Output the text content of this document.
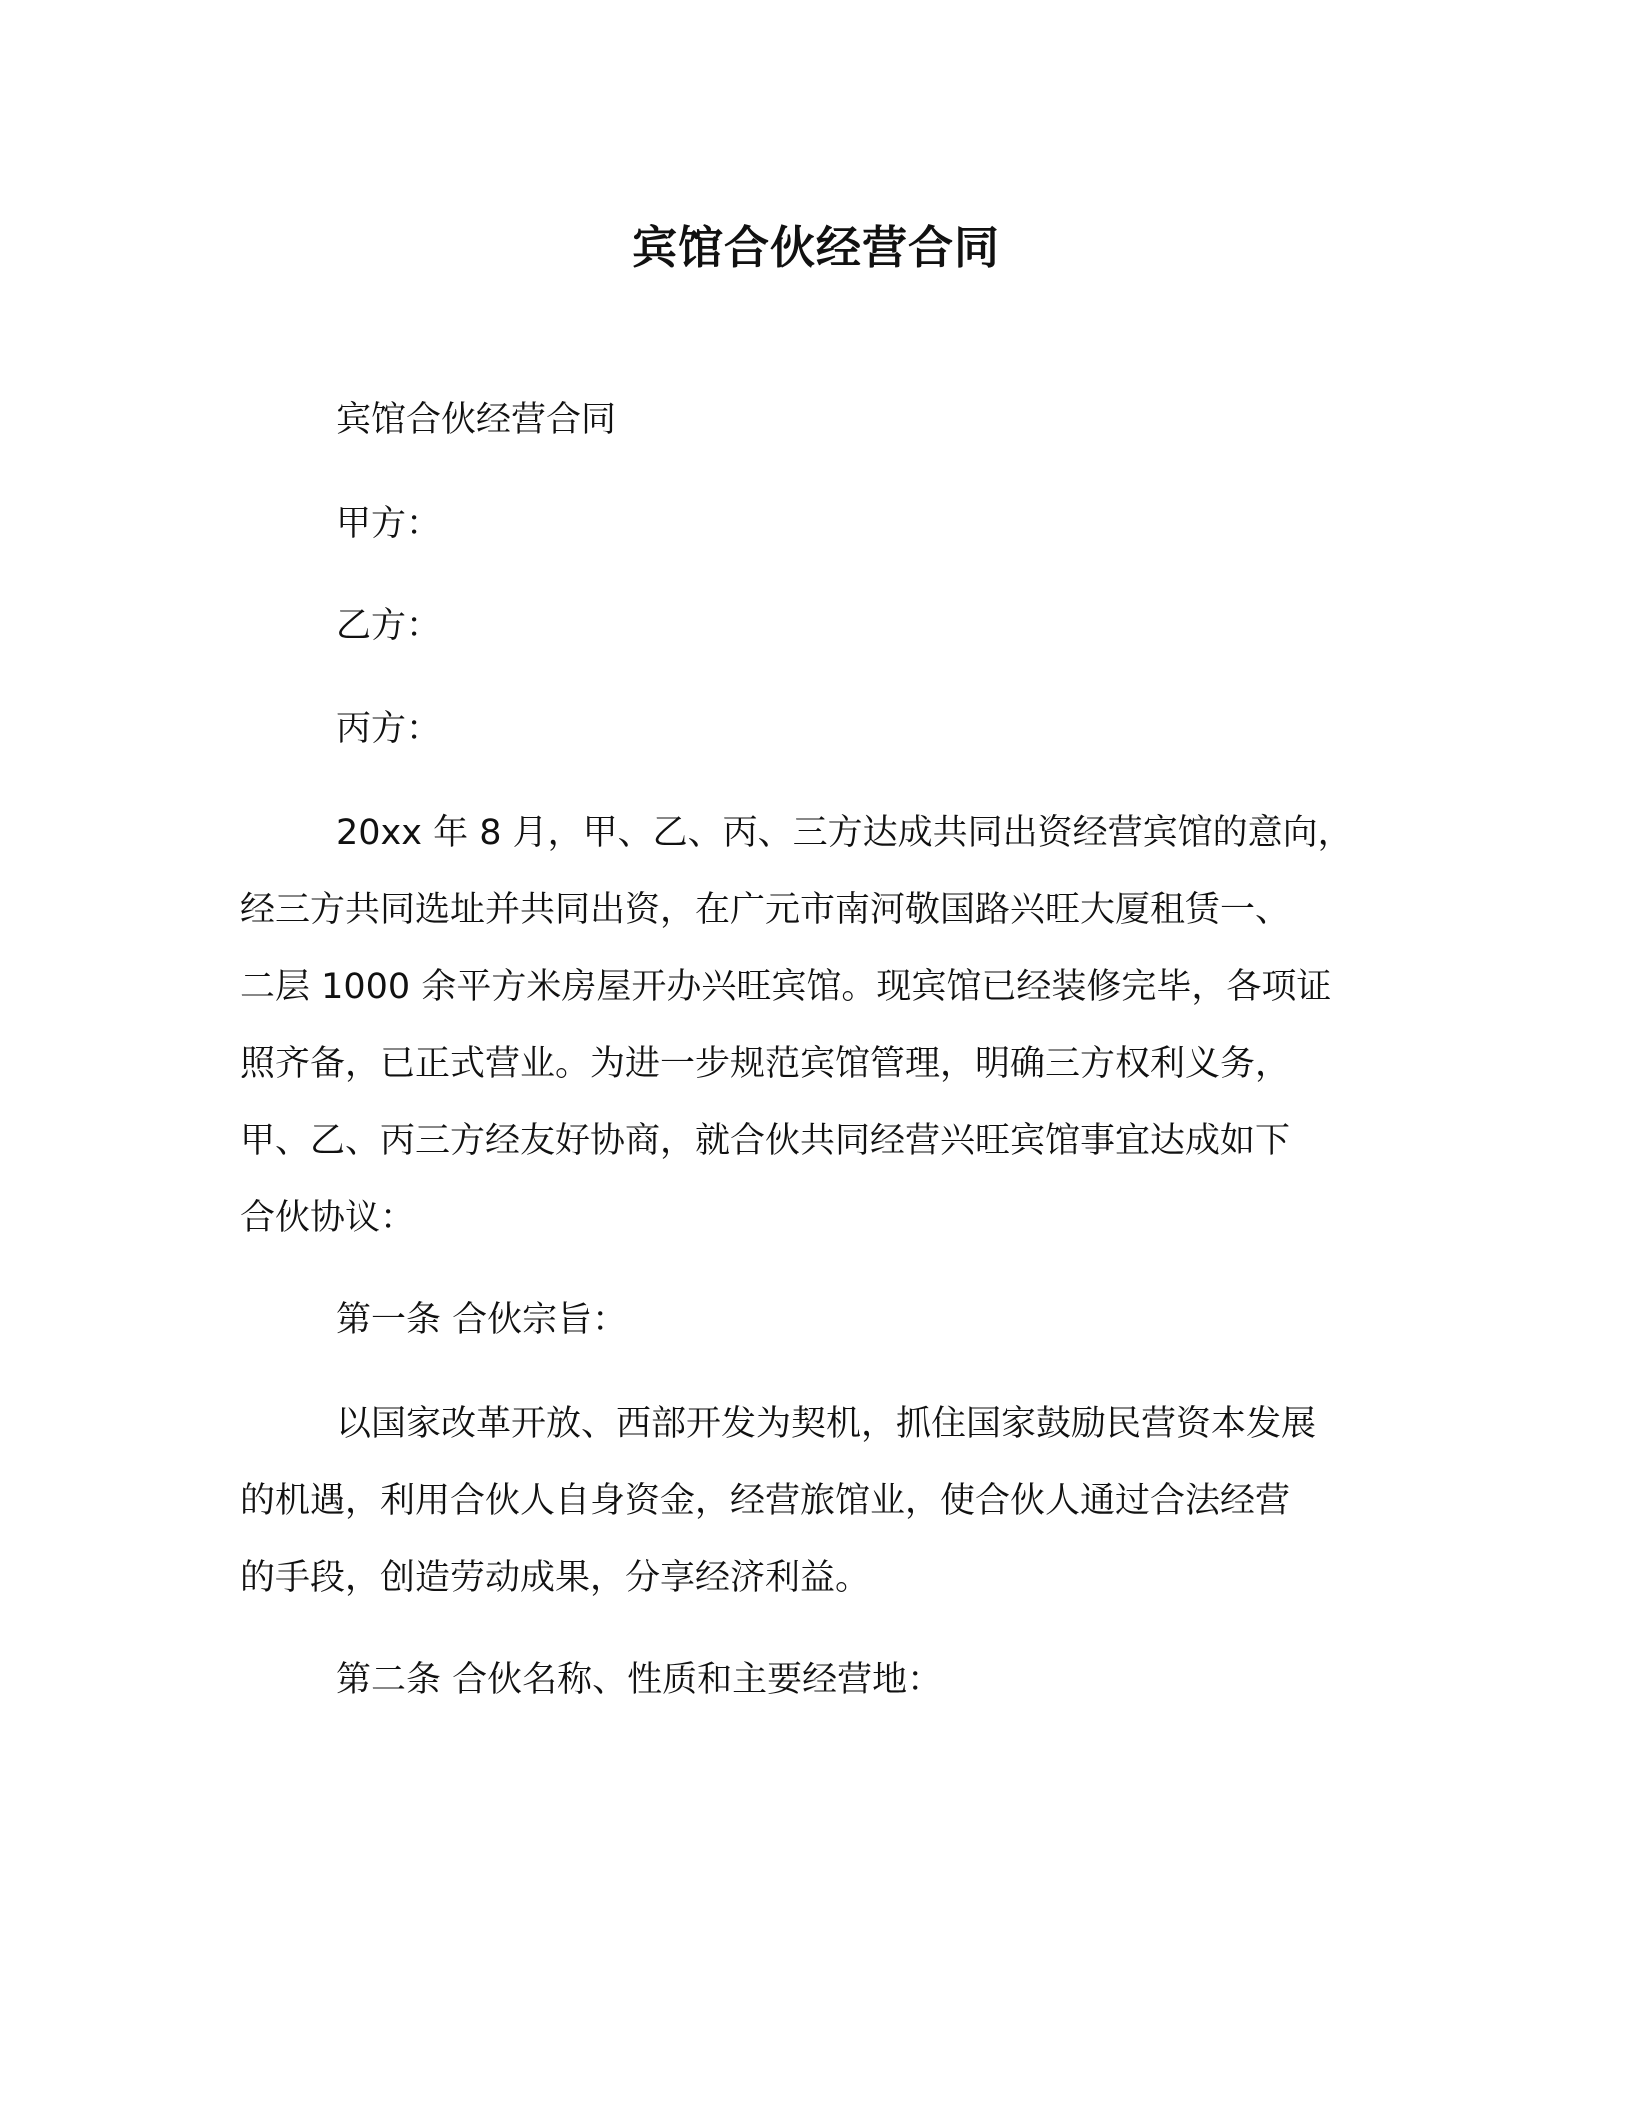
宾馆合伙经营合同

宾馆合伙经营合同

甲方：

乙方：

丙方：

20xx 年 8 月，甲、乙、丙、三方达成共同出资经营宾馆的意向，

经三方共同选址并共同出资，在广元市南河敬国路兴旺大厦租赁一、

二层 1000 余平方米房屋开办兴旺宾馆。现宾馆已经装修完毕，各项证

照齐备，已正式营业。为进一步规范宾馆管理，明确三方权利义务，

甲、乙、丙三方经友好协商，就合伙共同经营兴旺宾馆事宜达成如下

合伙协议：

第一条 合伙宗旨：

以国家改革开放、西部开发为契机，抓住国家鼓励民营资本发展

的机遇，利用合伙人自身资金，经营旅馆业，使合伙人通过合法经营

的手段，创造劳动成果，分享经济利益。

第二条 合伙名称、性质和主要经营地：
